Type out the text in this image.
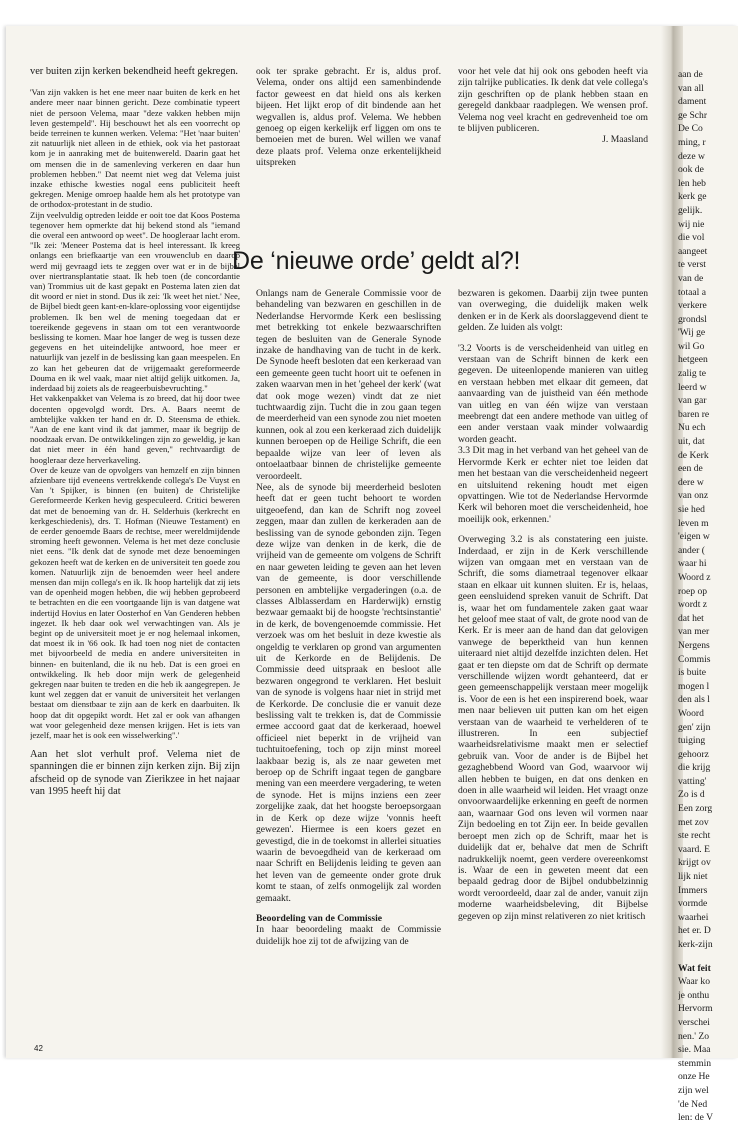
ver buiten zijn kerken bekendheid heeft gekregen.

'Van zijn vakken is het ene meer naar buiten de kerk en het andere meer naar binnen gericht. Deze combinatie typeert niet de persoon Velema, maar "deze vakken hebben mijn leven gestempeld". Hij beschouwt het als een voorrecht op beide terreinen te kunnen werken. Velema: "Het 'naar buiten' zit natuurlijk niet alleen in de ethiek, ook via het pastoraat kom je in aanraking met de buitenwereld. Daarin gaat het om mensen die in de samenleving verkeren en daar hun problemen hebben." Dat neemt niet weg dat Velema juist inzake ethische kwesties nogal eens publiciteit heeft gekregen. Menige omroep haalde hem als het prototype van de orthodox-protestant in de studio.

Zijn veelvuldig optreden leidde er ooit toe dat Koos Postema tegenover hem opmerkte dat hij bekend stond als "iemand die overal een antwoord op weet". De hoogleraar lacht erom. "Ik zei: 'Meneer Postema dat is heel interessant. Ik kreeg onlangs een briefkaartje van een vrouwenclub en daarop werd mij gevraagd iets te zeggen over wat er in de bijbel over niertransplantatie staat. Ik heb toen (de concordantie van) Trommius uit de kast gepakt en Postema laten zien dat dit woord er niet in stond. Dus ik zei: 'Ik weet het niet.' Nee, de Bijbel biedt geen kant-en-klare-oplossing voor eigentijdse problemen. Ik ben wel de mening toegedaan dat er toereikende gegevens in staan om tot een verantwoorde beslissing te komen. Maar hoe langer de weg is tussen deze gegevens en het uiteindelijke antwoord, hoe meer er natuurlijk van jezelf in de beslissing kan gaan meespelen. En zo kan het gebeuren dat de vrijgemaakt gereformeerde Douma en ik wel vaak, maar niet altijd gelijk uitkomen. Ja, inderdaad bij zoiets als de reageerbuisbevruchting."

Het vakkenpakket van Velema is zo breed, dat hij door twee docenten opgevolgd wordt. Drs. A. Baars neemt de ambtelijke vakken ter hand en dr. D. Steensma de ethiek. "Aan de ene kant vind ik dat jammer, maar ik begrijp de noodzaak ervan. De ontwikkelingen zijn zo geweldig, je kan dat niet meer in één hand geven," rechtvaardigt de hoogleraar deze herverkaveling.

Over de keuze van de opvolgers van hemzelf en zijn binnen afzienbare tijd eveneens vertrekkende collega's De Vuyst en Van 't Spijker, is binnen (en buiten) de Christelijke Gereformeerde Kerken hevig gespeculeerd. Critici beweren dat met de benoeming van dr. H. Selderhuis (kerkrecht en kerkgeschiedenis), drs. T. Hofman (Nieuwe Testament) en de eerder genoemde Baars de rechtse, meer wereldmijdende stroming heeft gewonnen. Velema is het met deze conclusie niet eens. "Ik denk dat de synode met deze benoemingen gekozen heeft wat de kerken en de universiteit ten goede zou komen. Natuurlijk zijn de benoemden weer heel andere mensen dan mijn collega's en ik. Ik hoop hartelijk dat zij iets van de openheid mogen hebben, die wij hebben geprobeerd te betrachten en die een voortgaande lijn is van datgene wat indertijd Hovius en later Oosterhof en Van Genderen hebben ingezet. Ik heb daar ook wel verwachtingen van. Als je begint op de universiteit moet je er nog helemaal inkomen, dat moest ik in '66 ook. Ik had toen nog niet de contacten met bijvoorbeeld de media en andere universiteiten in binnen- en buitenland, die ik nu heb. Dat is een groei en ontwikkeling. Ik heb door mijn werk de gelegenheid gekregen naar buiten te treden en die heb ik aangegrepen. Je kunt wel zeggen dat er vanuit de universiteit het verlangen bestaat om dienstbaar te zijn aan de kerk en daarbuiten. Ik hoop dat dit opgepikt wordt. Het zal er ook van afhangen wat voor gelegenheid deze mensen krijgen. Het is iets van jezelf, maar het is ook een wisselwerking".'

Aan het slot verhult prof. Velema niet de spanningen die er binnen zijn kerken zijn. Bij zijn afscheid op de synode van Zierikzee in het najaar van 1995 heeft hij dat

ook ter sprake gebracht. Er is, aldus prof. Velema, onder ons altijd een samenbindende factor geweest en dat hield ons als kerken bijeen. Het lijkt erop of dit bindende aan het wegvallen is, aldus prof. Velema. We hebben genoeg op eigen kerkelijk erf liggen om ons te bemoeien met de buren. Wel willen we vanaf deze plaats prof. Velema onze erkentelijkheid uitspreken

voor het vele dat hij ook ons geboden heeft via zijn talrijke publicaties. Ik denk dat vele collega's zijn geschriften op de plank hebben staan en geregeld dankbaar raadplegen. We wensen prof. Velema nog veel kracht en gedrevenheid toe om te blijven publiceren.

J. Maasland

De ‘nieuwe orde’ geldt al?!

Onlangs nam de Generale Commissie voor de behandeling van bezwaren en geschillen in de Nederlandse Hervormde Kerk een beslissing met betrekking tot enkele bezwaarschriften tegen de besluiten van de Generale Synode inzake de handhaving van de tucht in de kerk. De Synode heeft besloten dat een kerkeraad van een gemeente geen tucht hoort uit te oefenen in zaken waarvan men in het 'geheel der kerk' (wat dat ook moge wezen) vindt dat ze niet tuchtwaardig zijn. Tucht die in zou gaan tegen de meerderheid van een synode zou niet moeten kunnen, ook al zou een kerkeraad zich duidelijk kunnen beroepen op de Heilige Schrift, die een bepaalde wijze van leer of leven als ontoelaatbaar binnen de christelijke gemeente veroordeelt.

Nee, als de synode bij meerderheid besloten heeft dat er geen tucht behoort te worden uitgeoefend, dan kan de Schrift nog zoveel zeggen, maar dan zullen de kerkeraden aan de beslissing van de synode gebonden zijn. Tegen deze wijze van denken in de kerk, die de vrijheid van de gemeente om volgens de Schrift en naar geweten leiding te geven aan het leven van de gemeente, is door verschillende personen en ambtelijke vergaderingen (o.a. de classes Alblasserdam en Harderwijk) ernstig bezwaar gemaakt bij de hoogste 'rechtsinstantie' in de kerk, de bovengenoemde commissie. Het verzoek was om het besluit in deze kwestie als ongeldig te verklaren op grond van argumenten uit de Kerkorde en de Belijdenis. De Commissie deed uitspraak en besloot alle bezwaren ongegrond te verklaren. Het besluit van de synode is volgens haar niet in strijd met de Kerkorde. De conclusie die er vanuit deze beslissing valt te trekken is, dat de Commissie ermee accoord gaat dat de kerkeraad, hoewel officieel niet beperkt in de vrijheid van tuchtuitoefening, toch op zijn minst moreel laakbaar bezig is, als ze naar geweten met beroep op de Schrift ingaat tegen de gangbare mening van een meerdere vergadering, te weten de synode. Het is mijns inziens een zeer zorgelijke zaak, dat het hoogste beroepsorgaan in de Kerk op deze wijze 'vonnis heeft gewezen'. Hiermee is een koers gezet en gevestigd, die in de toekomst in allerlei situaties waarin de bevoegdheid van de kerkeraad om naar Schrift en Belijdenis leiding te geven aan het leven van de gemeente onder grote druk komt te staan, of zelfs onmogelijk zal worden gemaakt.

Beoordeling van de Commissie

In haar beoordeling maakt de Commissie duidelijk hoe zij tot de afwijzing van de

bezwaren is gekomen. Daarbij zijn twee punten van overweging, die duidelijk maken welk denken er in de Kerk als doorslaggevend dient te gelden. Ze luiden als volgt:

'3.2 Voorts is de verscheidenheid van uitleg en verstaan van de Schrift binnen de kerk een gegeven. De uiteenlopende manieren van uitleg en verstaan hebben met elkaar dit gemeen, dat aanvaarding van de juistheid van één methode van uitleg en van één wijze van verstaan meebrengt dat een andere methode van uitleg of een ander verstaan vaak minder volwaardig worden geacht.

3.3 Dit mag in het verband van het geheel van de Hervormde Kerk er echter niet toe leiden dat men het bestaan van die verscheidenheid negeert en uitsluitend rekening houdt met eigen opvattingen. Wie tot de Nederlandse Hervormde Kerk wil behoren moet die verscheidenheid, hoe moeilijk ook, erkennen.'

Overweging 3.2 is als constatering een juiste. Inderdaad, er zijn in de Kerk verschillende wijzen van omgaan met en verstaan van de Schrift, die soms diametraal tegenover elkaar staan en elkaar uit kunnen sluiten. Er is, helaas, geen eensluidend spreken vanuit de Schrift. Dat is, waar het om fundamentele zaken gaat waar het geloof mee staat of valt, de grote nood van de Kerk. Er is meer aan de hand dan dat gelovigen vanwege de beperktheid van hun kennen uiteraard niet altijd dezelfde inzichten delen. Het gaat er ten diepste om dat de Schrift op dermate verschillende wijzen wordt gehanteerd, dat er geen gemeenschappelijk verstaan meer mogelijk is. Voor de een is het een inspirerend boek, waar men naar believen uit putten kan om het eigen verstaan van de waarheid te verhelderen of te illustreren. In een subjectief waarheidsrelativisme maakt men er selectief gebruik van. Voor de ander is de Bijbel het gezaghebbend Woord van God, waarvoor wij allen hebben te buigen, en dat ons denken en doen in alle waarheid wil leiden. Het vraagt onze onvoorwaardelijke erkenning en geeft de normen aan, waarnaar God ons leven wil vormen naar Zijn bedoeling en tot Zijn eer. In beide gevallen beroept men zich op de Schrift, maar het is duidelijk dat er, behalve dat men de Schrift nadrukkelijk noemt, geen verdere overeenkomst is. Waar de een in geweten meent dat een bepaald gedrag door de Bijbel ondubbelzinnig wordt veroordeeld, daar zal de ander, vanuit zijn moderne waarheidsbeleving, dit Bijbelse gegeven op zijn minst relativeren zo niet kritisch

42
aan de
van all
dament
ge Schr
De Co
ming, r
deze w
ook de
len heb
kerk ge
gelijk.
wij nie
die vol
aangeet
te verst
van de
totaal a
verkere
grondsl
'Wij ge
wil Go
hetgeen
zalig te
leerd w
van gar
baren re
Nu ech
uit, dat
de Kerk
een de
dere w
van onz
sie hed
leven m
'eigen w
ander (
waar hi
Woord z
roep op
wordt z
dat het
van mer
Nergens
Commis
is buite
mogen l
den als l
Woord
gen' zijn
tuiging
gehoorz
die krijg
vatting'
Zo is d
Een zorg
met zov
ste recht
vaard. E
krijgt ov
lijk niet
Immers
vormde
waarhei
het er. D
kerk-zijn
Wat feit
Waar ko
je onthu
Hervorm
verschei
nen.' Zo
sie. Maa
stemmin
onze He
zijn wel
'de Ned
len: de V
